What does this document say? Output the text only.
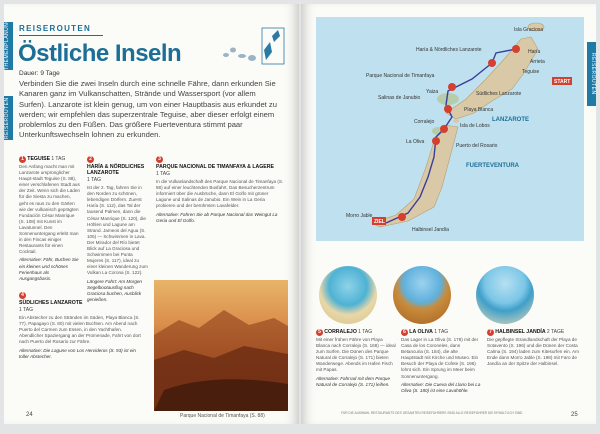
THEMENPLANUNG
REISEROUTEN
REISEROUTEN
Östliche Inseln
Dauer: 9 Tage
Verbinden Sie die zwei Inseln durch eine schnelle Fähre, dann erkunden Sie Kanaren ganz im Vulkanschatten, Strände und Wassersport (vor allem Surfen). Lanzarote ist klein genug, um von einer Hauptbasis aus erkundet zu werden; wir empfehlen das superzentrale Teguise, aber dieser erfolgt einem problemlos zu den Füßen. Das größere Fuerteventura stimmt paar Unterkunftswechseln lohnen zu erkunden.
1 TEGUISE 1 TAG
Den Anfang macht man mit Lanzarote ursprünglicher Haupt-stadt Teguise (S. 88), einer verschlafenen Stadt aus der Zeit. Wenn sich die Läden für die Siesta zu machen, geht es raus zu den Gärten wie der vulkanisch geprägten Fundación César Manrique (S. 108) mit Kunst im Lavatunnel. Den Sonnenuntergang erlebt man in den Fincas einiger Restaurants für einen Cocktail.
Alternative: Fähr, Buchen Sie ein kleines und schönes Ferienhaus als Ausgangsbasis.
2
HARÍA & NÖRDLICHES LANZAROTE
1 TAG
Ist der 2. Tag, fahren Sie in den Norden zu schönen, lebendigen Dörfern. Zuerst Haría (S. 112), das Tal der tausend Palmen, dann die César Manrique (S. 120), die Höhlen und Lagune am Strand. Jameos del Agua (S. 105) — Schwimmen in Lava. Der Mirador del Río bietet Blick auf La Graciosa und Schwimmen bei Punta Mujeres (S. 117), ideal zu einer kleinen Wanderung zum Vulkan La Corona (S. 122).
Längere Fahrt: Am Morgen Segelbootausflug nach Graciosa buchen, Ausblick genießen.
3
PARQUE NACIONAL DE TIMANFAYA & LAGERE
1 TAG
In die Vulkanlandschaft des Parque Nacional de Timanfaya (S. 88) auf einer leuchtenden Busfahrt. Das Besucherzentrum informiert über die Ausbrüche, dann El Golfo mit grüner Lagune und Salinas de Janubio. Ein Wein in La Geria probieren und der berühmten Lavafelder.
Alternative: Fahren Sie ab Parque Nacional das Weingut La Geria und El Golfo.
4
SÜDLICHES LANZAROTE
1 TAG
Ein Abstecher zu den Stränden im Süden, Playa Blanca (S. 77), Papagayo (S. 80) mit vielen Buchten. Am Abend nach Puerto del Carmen zum Essen, in den Yachthafen. Abendlicher Spaziergang an der Promenade, Fahrt von dort nach Puerto del Rosario zur Fähre.
Alternative: Die Lagune von Los Hervideros (S. 93) ist ein toller Abstecher.
Parque Nacional de Timanfaya (S. 88)
24
REISEROUTEN
Isla Graciosa
Haría
Arrieta
Teguise
START
Haría & Nördliches Lanzarote
Parque Nacional de Timanfaya
Yaiza
Salinas de Janubio
Südliches Lanzarote
Playa Blanca
Corralejo
Isla de Lobos
La Oliva
Puerto del Rosario
FUERTEVENTURA
LANZAROTE
Morro Jable
Halbinsel Jandía
ZIEL
5 CORRALEJO 1 TAG
Mit einer frühen Fähre von Playa Blanca nach Corralejo (S. 168) — ideal zum Surfen. Die Dünen des Parque Natural de Corralejo (S. 171) bieten Wanderwege. Abends im Hafen Fisch mit Papas.
Alternative: Fahrrad mit dem Parque Natural de Corralejo (S. 171) leihen.
6 LA OLIVA 1 TAG
Das Lager in La Oliva (S. 178) mit der Casa de los Coroneles, dann Betancuria (S. 184), die alte Hauptstadt mit Kirche und Museo. Ein Besuch der Playa de Cofete (S. 196) lohnt sich. Ein Sprung im Meer beim Sonnenuntergang.
Alternative: Die Cueva del Llano bei La Oliva (S. 180) ist eine Lavahöhle.
7 HALBINSEL JANDÍA 2 TAGE
Die gepflegte Strandlandschaft der Playa de Sotavento (S. 196) und die Dünen der Costa Calma (S. 194) laden zum Kitesurfen ein. Am Ende dann Morro Jable (S. 198) mit Faro de Jandía an der Spitze der Halbinsel.
FÜR DIE AUSWAHL RESTAURANTS DES GESAMTEN REISEFÜHRERS SIND ALLE REISEFÜHRER DIE ERHÄLTLICH SIND	25
